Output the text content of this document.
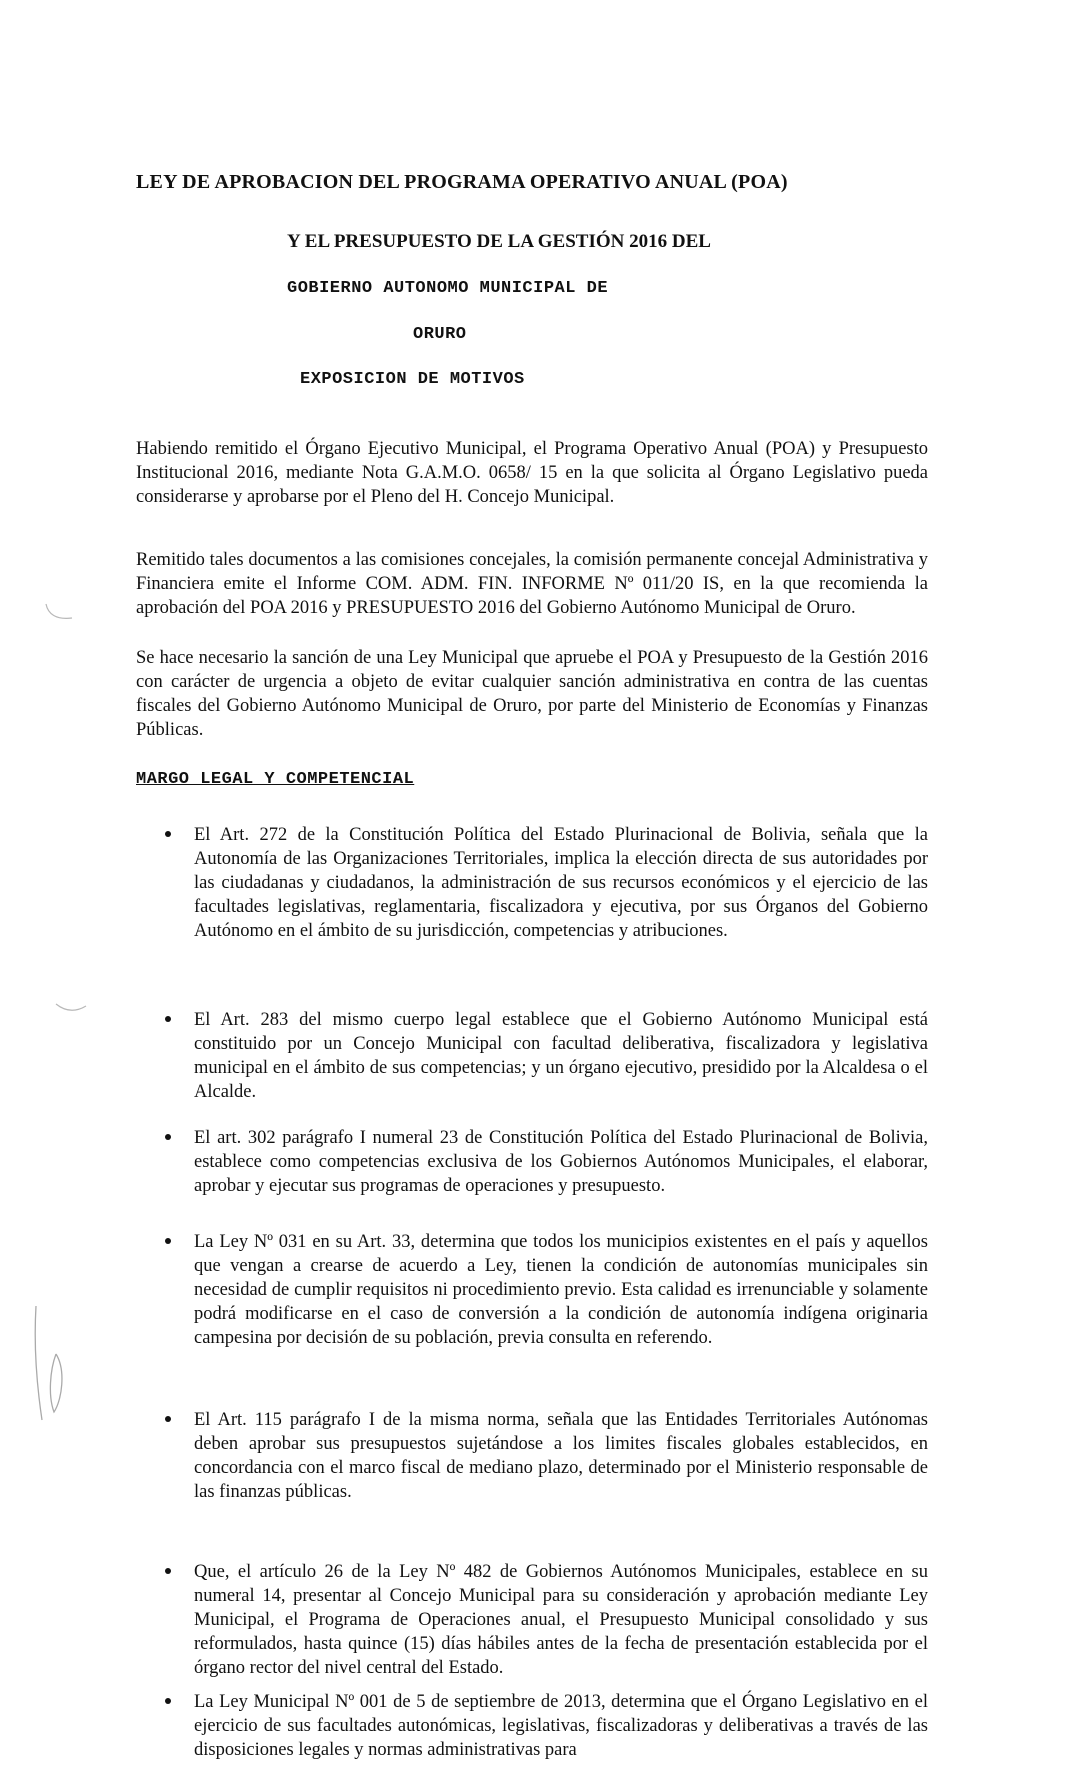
LEY DE APROBACION DEL PROGRAMA OPERATIVO ANUAL (POA)
Y EL PRESUPUESTO DE LA GESTIÓN 2016 DEL
GOBIERNO AUTONOMO MUNICIPAL DE
ORURO
EXPOSICION DE MOTIVOS

Habiendo remitido el Órgano Ejecutivo Municipal, el Programa Operativo Anual (POA) y Presupuesto Institucional 2016, mediante Nota G.A.M.O. 0658/ 15 en la que solicita al Órgano Legislativo pueda considerarse y aprobarse por el Pleno del H. Concejo Municipal.

Remitido tales documentos a las comisiones concejales, la comisión permanente concejal Administrativa y Financiera emite el Informe COM. ADM. FIN. INFORME Nº 011/20 IS, en la que recomienda la aprobación del POA 2016 y PRESUPUESTO 2016 del Gobierno Autónomo Municipal de Oruro.

Se hace necesario la sanción de una Ley Municipal que apruebe el POA y Presupuesto de la Gestión 2016 con carácter de urgencia a objeto de evitar cualquier sanción administrativa en contra de las cuentas fiscales del Gobierno Autónomo Municipal de Oruro, por parte del Ministerio de Economías y Finanzas Públicas.

MARGO LEGAL Y COMPETENCIAL

El Art. 272 de la Constitución Política del Estado Plurinacional de Bolivia, señala que la Autonomía de las Organizaciones Territoriales, implica la elección directa de sus autoridades por las ciudadanas y ciudadanos, la administración de sus recursos económicos y el ejercicio de las facultades legislativas, reglamentaria, fiscalizadora y ejecutiva, por sus Órganos del Gobierno Autónomo en el ámbito de su jurisdicción, competencias y atribuciones.

El Art. 283 del mismo cuerpo legal establece que el Gobierno Autónomo Municipal está constituido por un Concejo Municipal con facultad deliberativa, fiscalizadora y legislativa municipal en el ámbito de sus competencias; y un órgano ejecutivo, presidido por la Alcaldesa o el Alcalde.

El art. 302 parágrafo I numeral 23 de Constitución Política del Estado Plurinacional de Bolivia, establece como competencias exclusiva de los Gobiernos Autónomos Municipales, el elaborar, aprobar y ejecutar sus programas de operaciones y presupuesto.

La Ley Nº 031 en su Art. 33, determina que todos los municipios existentes en el país y aquellos que vengan a crearse de acuerdo a Ley, tienen la condición de autonomías municipales sin necesidad de cumplir requisitos ni procedimiento previo. Esta calidad es irrenunciable y solamente podrá modificarse en el caso de conversión a la condición de autonomía indígena originaria campesina por decisión de su población, previa consulta en referendo.

El Art. 115 parágrafo I de la misma norma, señala que las Entidades Territoriales Autónomas deben aprobar sus presupuestos sujetándose a los limites fiscales globales establecidos, en concordancia con el marco fiscal de mediano plazo, determinado por el Ministerio responsable de las finanzas públicas.

Que, el artículo 26 de la Ley Nº 482 de Gobiernos Autónomos Municipales, establece en su numeral 14, presentar al Concejo Municipal para su consideración y aprobación mediante Ley Municipal, el Programa de Operaciones anual, el Presupuesto Municipal consolidado y sus reformulados, hasta quince (15) días hábiles antes de la fecha de presentación establecida por el órgano rector del nivel central del Estado.

La Ley Municipal Nº 001 de 5 de septiembre de 2013, determina que el Órgano Legislativo en el ejercicio de sus facultades autonómicas, legislativas, fiscalizadoras y deliberativas a través de las disposiciones legales y normas administrativas para
